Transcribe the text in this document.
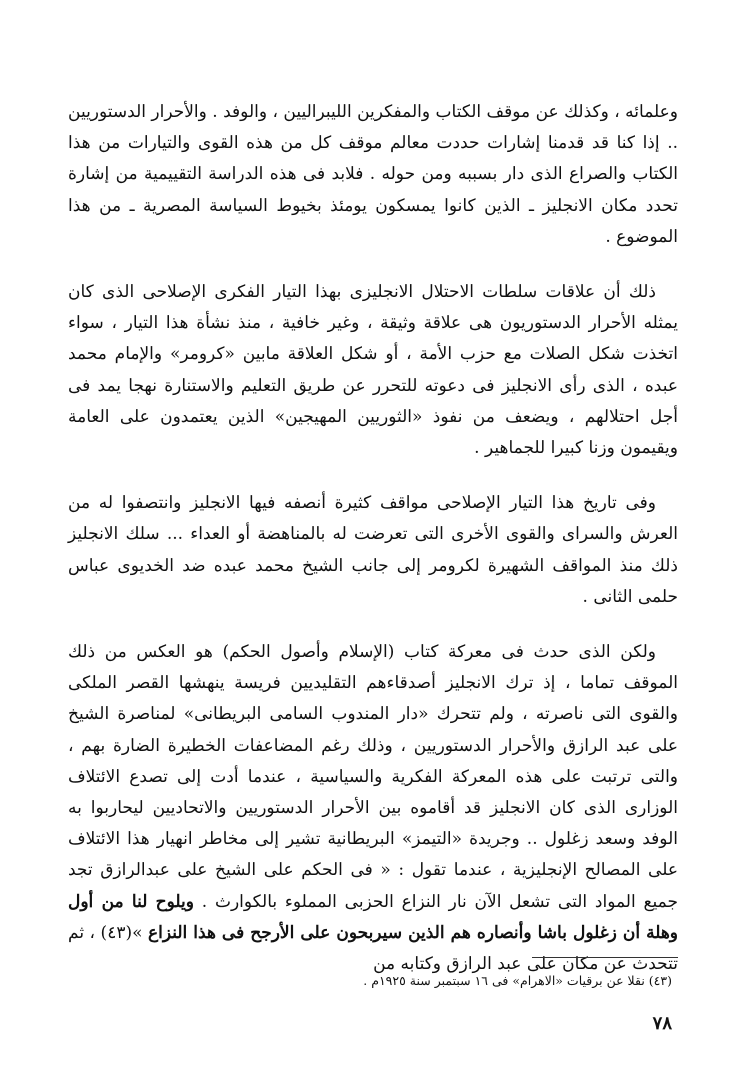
وعلمائه ، وكذلك عن موقف الكتاب والمفكرين الليبراليين ، والوفد . والأحرار الدستوريين .. إذا كنا قد قدمنا إشارات حددت معالم موقف كل من هذه القوى والتيارات من هذا الكتاب والصراع الذى دار بسببه ومن حوله . فلابد فى هذه الدراسة التقييمية من إشارة تحدد مكان الانجليز ـ الذين كانوا يمسكون يومئذ بخيوط السياسة المصرية ـ من هذا الموضوع .

ذلك أن علاقات سلطات الاحتلال الانجليزى بهذا التيار الفكرى الإصلاحى الذى كان يمثله الأحرار الدستوريون هى علاقة وثيقة ، وغير خافية ، منذ نشأة هذا التيار ، سواء اتخذت شكل الصلات مع حزب الأمة ، أو شكل العلاقة مابين «كرومر» والإمام محمد عبده ، الذى رأى الانجليز فى دعوته للتحرر عن طريق التعليم والاستنارة نهجا يمد فى أجل احتلالهم ، ويضعف من نفوذ «الثوريين المهيجين» الذين يعتمدون على العامة ويقيمون وزنا كبيرا للجماهير .

وفى تاريخ هذا التيار الإصلاحى مواقف كثيرة أنصفه فيها الانجليز وانتصفوا له من العرش والسراى والقوى الأخرى التى تعرضت له بالمناهضة أو العداء ... سلك الانجليز ذلك منذ المواقف الشهيرة لكرومر إلى جانب الشيخ محمد عبده ضد الخديوى عباس حلمى الثانى .

ولكن الذى حدث فى معركة كتاب (الإسلام وأصول الحكم) هو العكس من ذلك الموقف تماما ، إذ ترك الانجليز أصدقاءهم التقليديين فريسة ينهشها القصر الملكى والقوى التى ناصرته ، ولم تتحرك «دار المندوب السامى البريطانى» لمناصرة الشيخ على عبد الرازق والأحرار الدستوريين ، وذلك رغم المضاعفات الخطيرة الضارة بهم ، والتى ترتبت على هذه المعركة الفكرية والسياسية ، عندما أدت إلى تصدع الائتلاف الوزارى الذى كان الانجليز قد أقاموه بين الأحرار الدستوريين والاتحاديين ليحاربوا به الوفد وسعد زغلول .. وجريدة «التيمز» البريطانية تشير إلى مخاطر انهيار هذا الائتلاف على المصالح الإنجليزية ، عندما تقول : « فى الحكم على الشيخ على عبدالرازق تجد جميع المواد التى تشعل الآن نار النزاع الحزبى المملوء بالكوارث . ويلوح لنا من أول وهلة أن زغلول باشا وأنصاره هم الذين سيربحون على الأرجح فى هذا النزاع »(٤٣) ، ثم تتحدث عن مكان على عبد الرازق وكتابه من

(٤٣) نقلا عن برقيات «الاهرام» فى ١٦ سبتمبر سنة ١٩٢٥م .
٧٨
